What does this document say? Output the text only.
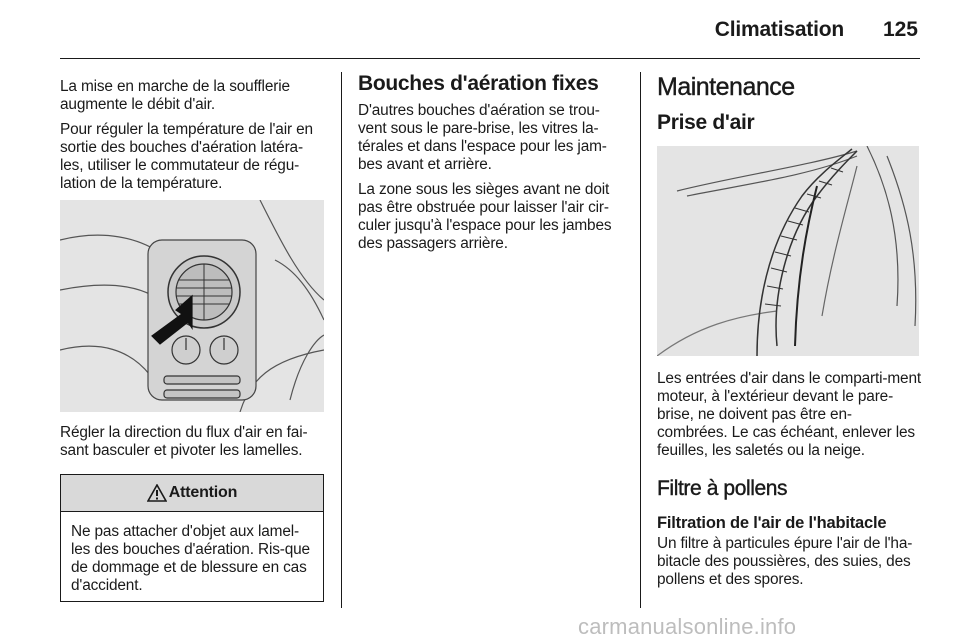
Climatisation 125

La mise en marche de la soufflerie augmente le débit d'air.

Pour réguler la température de l'air en sortie des bouches d'aération latéra-les, utiliser le commutateur de régu-lation de la température.

Régler la direction du flux d'air en fai-sant basculer et pivoter les lamelles.

Attention

Ne pas attacher d'objet aux lamel-les des bouches d'aération. Ris-que de dommage et de blessure en cas d'accident.

Bouches d'aération fixes

D'autres bouches d'aération se trou-vent sous le pare-brise, les vitres la-térales et dans l'espace pour les jam-bes avant et arrière.

La zone sous les sièges avant ne doit pas être obstruée pour laisser l'air cir-culer jusqu'à l'espace pour les jambes des passagers arrière.

Maintenance
Prise d'air

Les entrées d'air dans le comparti-ment moteur, à l'extérieur devant le pare-brise, ne doivent pas être en-combrées. Le cas échéant, enlever les feuilles, les saletés ou la neige.

Filtre à pollens
Filtration de l'air de l'habitacle

Un filtre à particules épure l'air de l'ha-bitacle des poussières, des suies, des pollens et des spores.

carmanualsonline.info
